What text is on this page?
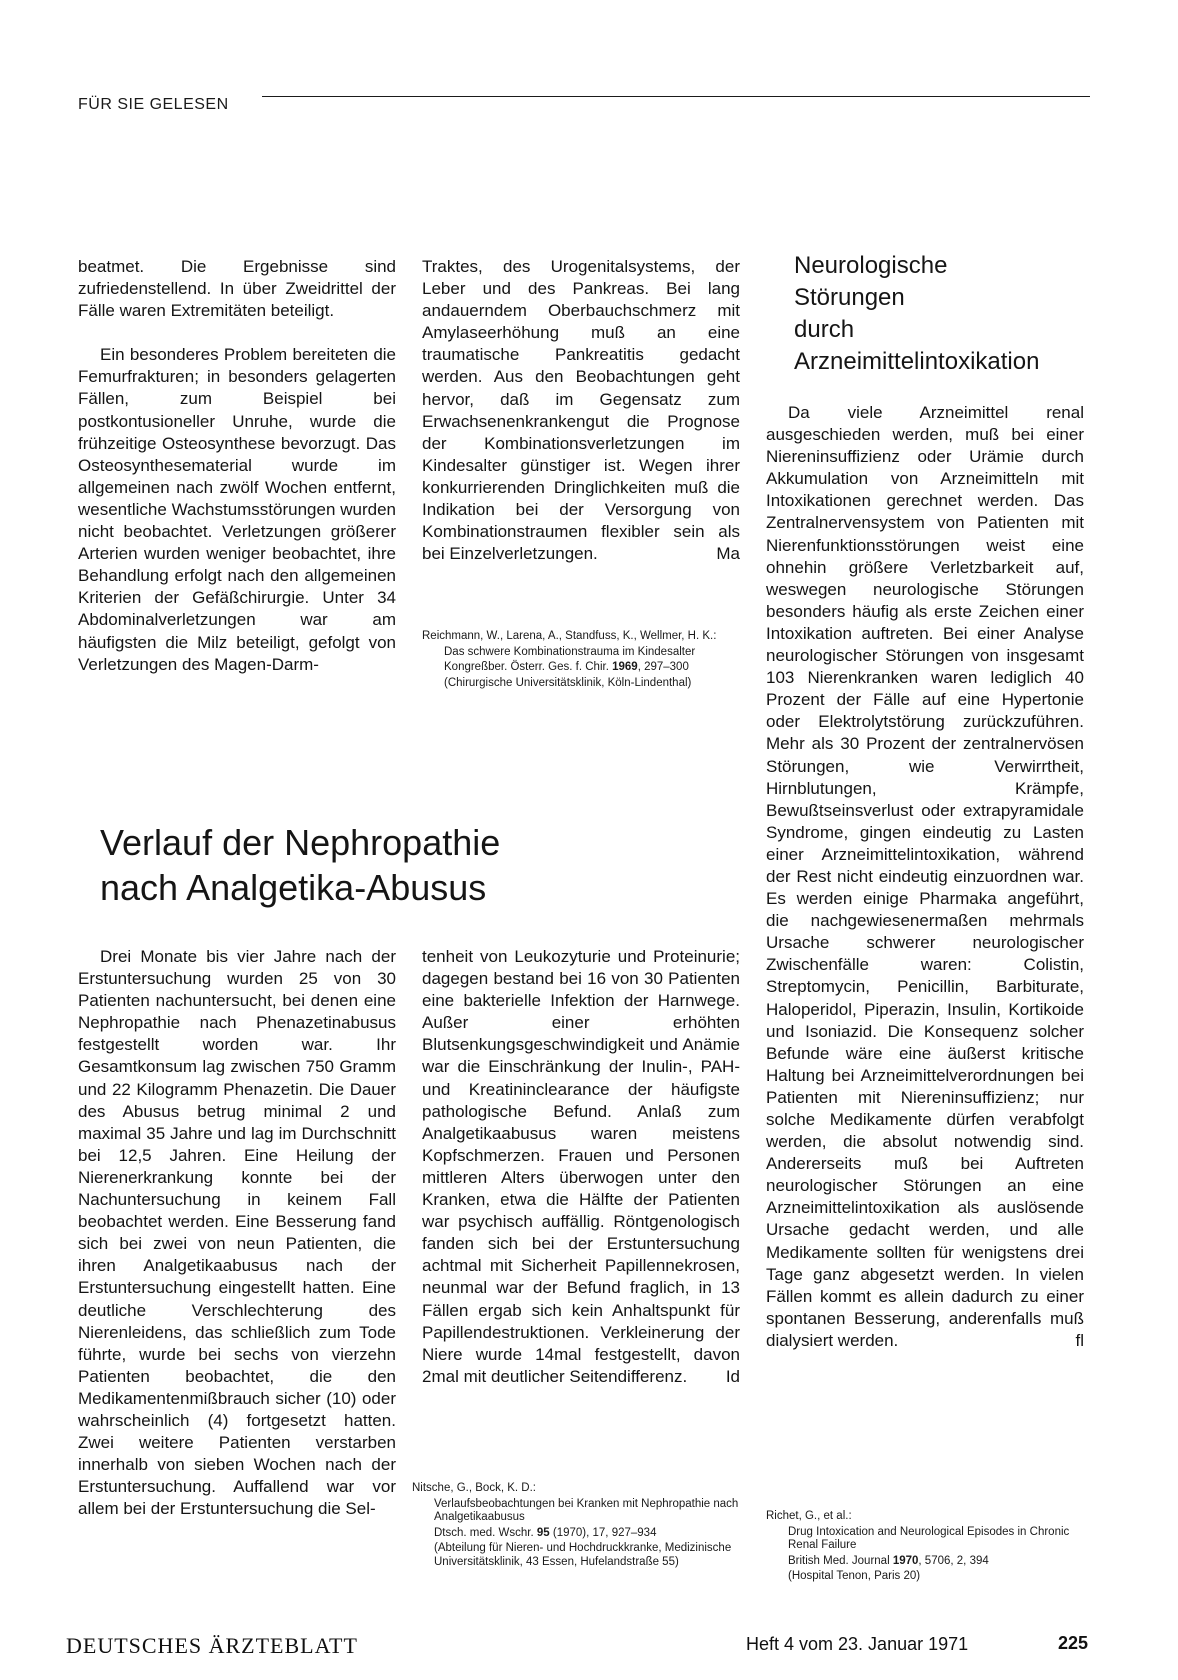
FÜR SIE GELESEN

beatmet. Die Ergebnisse sind zufriedenstellend. In über Zweidrittel der Fälle waren Extremitäten beteiligt.

Ein besonderes Problem bereiteten die Femurfrakturen; in besonders gelagerten Fällen, zum Beispiel bei postkontusioneller Unruhe, wurde die frühzeitige Osteosynthese bevorzugt. Das Osteosynthesematerial wurde im allgemeinen nach zwölf Wochen entfernt, wesentliche Wachstumsstörungen wurden nicht beobachtet. Verletzungen größerer Arterien wurden weniger beobachtet, ihre Behandlung erfolgt nach den allgemeinen Kriterien der Gefäßchirurgie. Unter 34 Abdominalverletzungen war am häufigsten die Milz beteiligt, gefolgt von Verletzungen des Magen-Darm-

Traktes, des Urogenitalsystems, der Leber und des Pankreas. Bei lang andauerndem Oberbauchschmerz mit Amylaseerhöhung muß an eine traumatische Pankreatitis gedacht werden. Aus den Beobachtungen geht hervor, daß im Gegensatz zum Erwachsenenkrankengut die Prognose der Kombinationsverletzungen im Kindesalter günstiger ist. Wegen ihrer konkurrierenden Dringlichkeiten muß die Indikation bei der Versorgung von Kombinationstraumen flexibler sein als bei Einzelverletzungen.	Ma

Reichmann, W., Larena, A., Standfuss, K., Wellmer, H. K.:

Das schwere Kombinationstrauma im Kindesalter

Kongreßber. Österr. Ges. f. Chir. 1969, 297–300

(Chirurgische Universitätsklinik, Köln-Lindenthal)

Verlauf der Nephropathie
nach Analgetika-Abusus

Drei Monate bis vier Jahre nach der Erstuntersuchung wurden 25 von 30 Patienten nachuntersucht, bei denen eine Nephropathie nach Phenazetinabusus festgestellt worden war. Ihr Gesamtkonsum lag zwischen 750 Gramm und 22 Kilogramm Phenazetin. Die Dauer des Abusus betrug minimal 2 und maximal 35 Jahre und lag im Durchschnitt bei 12,5 Jahren. Eine Heilung der Nierenerkrankung konnte bei der Nachuntersuchung in keinem Fall beobachtet werden. Eine Besserung fand sich bei zwei von neun Patienten, die ihren Analgetikaabusus nach der Erstuntersuchung eingestellt hatten. Eine deutliche Verschlechterung des Nierenleidens, das schließlich zum Tode führte, wurde bei sechs von vierzehn Patienten beobachtet, die den Medikamentenmißbrauch sicher (10) oder wahrscheinlich (4) fortgesetzt hatten. Zwei weitere Patienten verstarben innerhalb von sieben Wochen nach der Erstuntersuchung. Auffallend war vor allem bei der Erstuntersuchung die Sel-

tenheit von Leukozyturie und Proteinurie; dagegen bestand bei 16 von 30 Patienten eine bakterielle Infektion der Harnwege. Außer einer erhöhten Blutsenkungsgeschwindigkeit und Anämie war die Einschränkung der Inulin-, PAH- und Kreatininclearance der häufigste pathologische Befund. Anlaß zum Analgetikaabusus waren meistens Kopfschmerzen. Frauen und Personen mittleren Alters überwogen unter den Kranken, etwa die Hälfte der Patienten war psychisch auffällig. Röntgenologisch fanden sich bei der Erstuntersuchung achtmal mit Sicherheit Papillennekrosen, neunmal war der Befund fraglich, in 13 Fällen ergab sich kein Anhaltspunkt für Papillendestruktionen. Verkleinerung der Niere wurde 14mal festgestellt, davon 2mal mit deutlicher Seitendifferenz. Id

Nitsche, G., Bock, K. D.:

Verlaufsbeobachtungen bei Kranken mit Nephropathie nach Analgetikaabusus

Dtsch. med. Wschr. 95 (1970), 17, 927–934

(Abteilung für Nieren- und Hochdruckkranke, Medizinische Universitätsklinik, 43 Essen, Hufelandstraße 55)

Neurologische
Störungen
durch
Arzneimittelintoxikation

Da viele Arzneimittel renal ausgeschieden werden, muß bei einer Niereninsuffizienz oder Urämie durch Akkumulation von Arzneimitteln mit Intoxikationen gerechnet werden. Das Zentralnervensystem von Patienten mit Nierenfunktionsstörungen weist eine ohnehin größere Verletzbarkeit auf, weswegen neurologische Störungen besonders häufig als erste Zeichen einer Intoxikation auftreten. Bei einer Analyse neurologischer Störungen von insgesamt 103 Nierenkranken waren lediglich 40 Prozent der Fälle auf eine Hypertonie oder Elektrolytstörung zurückzuführen. Mehr als 30 Prozent der zentralnervösen Störungen, wie Verwirrtheit, Hirnblutungen, Krämpfe, Bewußtseinsverlust oder extrapyramidale Syndrome, gingen eindeutig zu Lasten einer Arzneimittelintoxikation, während der Rest nicht eindeutig einzuordnen war. Es werden einige Pharmaka angeführt, die nachgewiesenermaßen mehrmals Ursache schwerer neurologischer Zwischenfälle waren: Colistin, Streptomycin, Penicillin, Barbiturate, Haloperidol, Piperazin, Insulin, Kortikoide und Isoniazid. Die Konsequenz solcher Befunde wäre eine äußerst kritische Haltung bei Arzneimittelverordnungen bei Patienten mit Niereninsuffizienz; nur solche Medikamente dürfen verabfolgt werden, die absolut notwendig sind. Andererseits muß bei Auftreten neurologischer Störungen an eine Arzneimittelintoxikation als auslösende Ursache gedacht werden, und alle Medikamente sollten für wenigstens drei Tage ganz abgesetzt werden. In vielen Fällen kommt es allein dadurch zu einer spontanen Besserung, anderenfalls muß dialysiert werden.	fl

Richet, G., et al.:

Drug Intoxication and Neurological Episodes in Chronic Renal Failure

British Med. Journal 1970, 5706, 2, 394

(Hospital Tenon, Paris 20)

DEUTSCHES ÄRZTEBLATT	Heft 4 vom 23. Januar 1971	225
